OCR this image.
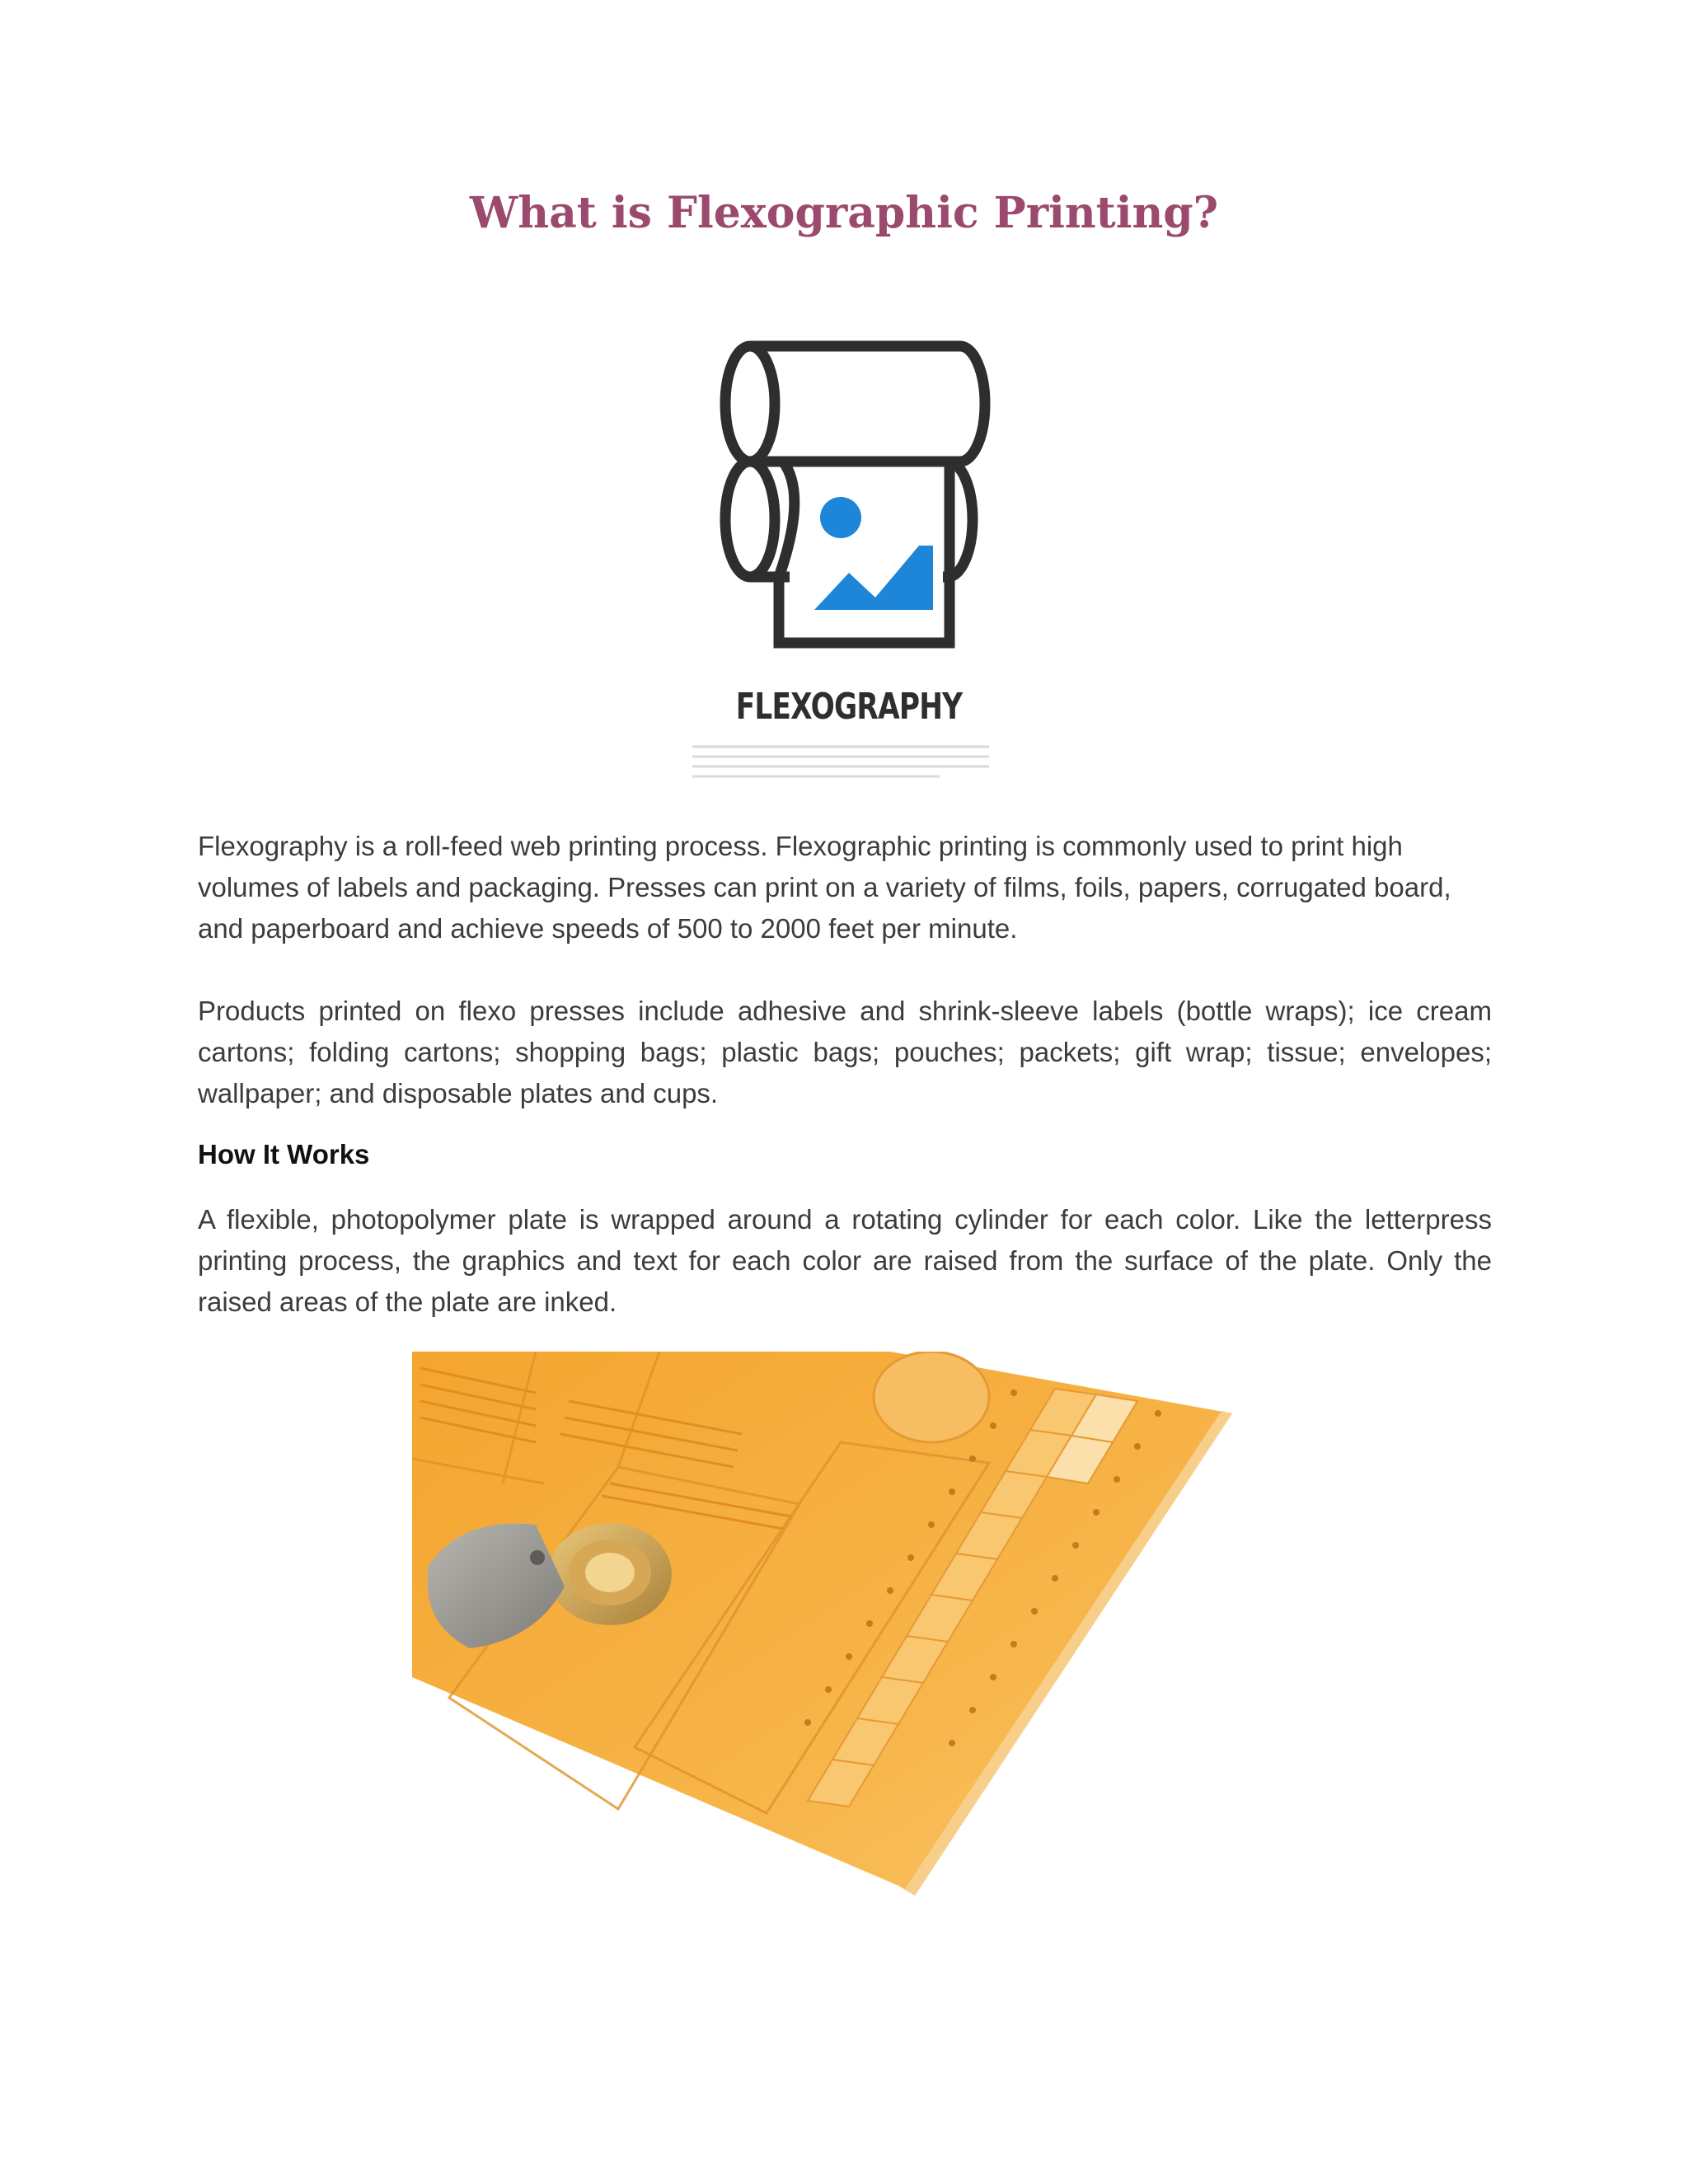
What is Flexographic Printing?
FLEXOGRAPHY

Flexography is a roll-feed web printing process. Flexographic printing is commonly used to print high volumes of labels and packaging. Presses can print on a variety of films, foils, papers, corrugated board, and paperboard and achieve speeds of 500 to 2000 feet per minute.

Products printed on flexo presses include adhesive and shrink-sleeve labels (bottle wraps); ice cream cartons; folding cartons; shopping bags; plastic bags; pouches; packets; gift wrap; tissue; envelopes; wallpaper; and disposable plates and cups.

How It Works

A flexible, photopolymer plate is wrapped around a rotating cylinder for each color. Like the letterpress printing process, the graphics and text for each color are raised from the surface of the plate. Only the raised areas of the plate are inked.
